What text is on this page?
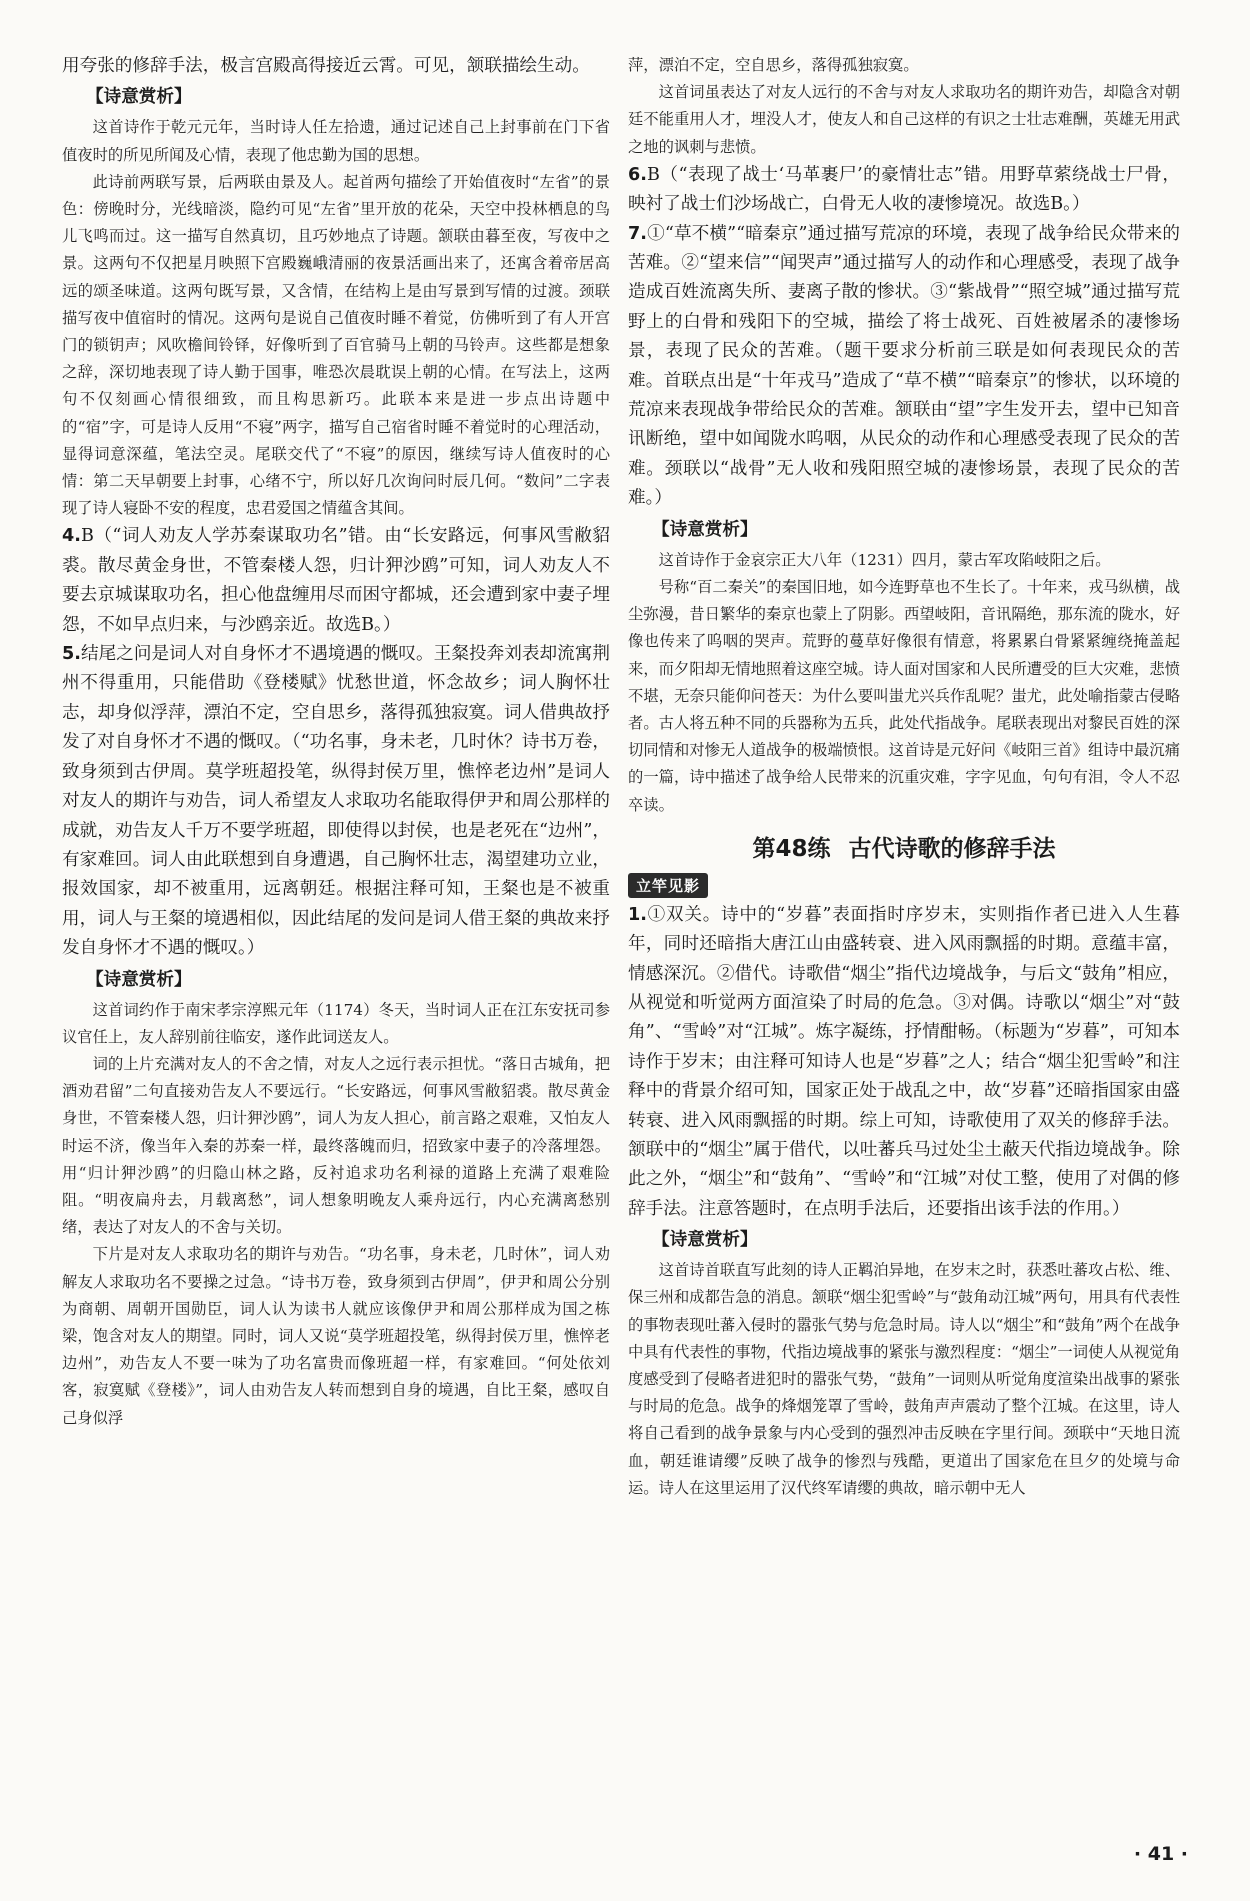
用夸张的修辞手法，极言宫殿高得接近云霄。可见，颔联描绘生动。

【诗意赏析】

这首诗作于乾元元年，当时诗人任左拾遗，通过记述自己上封事前在门下省值夜时的所见所闻及心情，表现了他忠勤为国的思想。

此诗前两联写景，后两联由景及人。起首两句描绘了开始值夜时“左省”的景色：傍晚时分，光线暗淡，隐约可见“左省”里开放的花朵，天空中投林栖息的鸟儿飞鸣而过。这一描写自然真切，且巧妙地点了诗题。颔联由暮至夜，写夜中之景。这两句不仅把星月映照下宫殿巍峨清丽的夜景活画出来了，还寓含着帝居高远的颂圣味道。这两句既写景，又含情，在结构上是由写景到写情的过渡。颈联描写夜中值宿时的情况。这两句是说自己值夜时睡不着觉，仿佛听到了有人开宫门的锁钥声；风吹檐间铃铎，好像听到了百官骑马上朝的马铃声。这些都是想象之辞，深切地表现了诗人勤于国事，唯恐次晨耽误上朝的心情。在写法上，这两句不仅刻画心情很细致，而且构思新巧。此联本来是进一步点出诗题中的“宿”字，可是诗人反用“不寝”两字，描写自己宿省时睡不着觉时的心理活动，显得词意深蕴，笔法空灵。尾联交代了“不寝”的原因，继续写诗人值夜时的心情：第二天早朝要上封事，心绪不宁，所以好几次询问时辰几何。“数问”二字表现了诗人寝卧不安的程度，忠君爱国之情蕴含其间。

4.B（“词人劝友人学苏秦谋取功名”错。由“长安路远，何事风雪敝貂裘。散尽黄金身世，不管秦楼人怨，归计狎沙鸥”可知，词人劝友人不要去京城谋取功名，担心他盘缠用尽而困守都城，还会遭到家中妻子埋怨，不如早点归来，与沙鸥亲近。故选B。）

5.结尾之问是词人对自身怀才不遇境遇的慨叹。王粲投奔刘表却流寓荆州不得重用，只能借助《登楼赋》忧愁世道，怀念故乡；词人胸怀壮志，却身似浮萍，漂泊不定，空自思乡，落得孤独寂寞。词人借典故抒发了对自身怀才不遇的慨叹。（“功名事，身未老，几时休？诗书万卷，致身须到古伊周。莫学班超投笔，纵得封侯万里，憔悴老边州”是词人对友人的期许与劝告，词人希望友人求取功名能取得伊尹和周公那样的成就，劝告友人千万不要学班超，即使得以封侯，也是老死在“边州”，有家难回。词人由此联想到自身遭遇，自己胸怀壮志，渴望建功立业，报效国家，却不被重用，远离朝廷。根据注释可知，王粲也是不被重用，词人与王粲的境遇相似，因此结尾的发问是词人借王粲的典故来抒发自身怀才不遇的慨叹。）

【诗意赏析】

这首词约作于南宋孝宗淳熙元年（1174）冬天，当时词人正在江东安抚司参议官任上，友人辞别前往临安，遂作此词送友人。

词的上片充满对友人的不舍之情，对友人之远行表示担忧。“落日古城角，把酒劝君留”二句直接劝告友人不要远行。“长安路远，何事风雪敝貂裘。散尽黄金身世，不管秦楼人怨，归计狎沙鸥”，词人为友人担心，前言路之艰难，又怕友人时运不济，像当年入秦的苏秦一样，最终落魄而归，招致家中妻子的冷落埋怨。用“归计狎沙鸥”的归隐山林之路，反衬追求功名利禄的道路上充满了艰难险阻。“明夜扁舟去，月载离愁”，词人想象明晚友人乘舟远行，内心充满离愁别绪，表达了对友人的不舍与关切。

下片是对友人求取功名的期许与劝告。“功名事，身未老，几时休”，词人劝解友人求取功名不要操之过急。“诗书万卷，致身须到古伊周”，伊尹和周公分别为商朝、周朝开国勋臣，词人认为读书人就应该像伊尹和周公那样成为国之栋梁，饱含对友人的期望。同时，词人又说“莫学班超投笔，纵得封侯万里，憔悴老边州”，劝告友人不要一味为了功名富贵而像班超一样，有家难回。“何处依刘客，寂寞赋《登楼》”，词人由劝告友人转而想到自身的境遇，自比王粲，感叹自己身似浮

萍，漂泊不定，空自思乡，落得孤独寂寞。

这首词虽表达了对友人远行的不舍与对友人求取功名的期许劝告，却隐含对朝廷不能重用人才，埋没人才，使友人和自己这样的有识之士壮志难酬，英雄无用武之地的讽刺与悲愤。

6.B（“表现了战士‘马革裹尸’的豪情壮志”错。用野草萦绕战士尸骨，映衬了战士们沙场战亡，白骨无人收的凄惨境况。故选B。）

7.①“草不横”“暗秦京”通过描写荒凉的环境，表现了战争给民众带来的苦难。②“望来信”“闻哭声”通过描写人的动作和心理感受，表现了战争造成百姓流离失所、妻离子散的惨状。③“紫战骨”“照空城”通过描写荒野上的白骨和残阳下的空城，描绘了将士战死、百姓被屠杀的凄惨场景，表现了民众的苦难。（题干要求分析前三联是如何表现民众的苦难。首联点出是“十年戎马”造成了“草不横”“暗秦京”的惨状，以环境的荒凉来表现战争带给民众的苦难。颔联由“望”字生发开去，望中已知音讯断绝，望中如闻陇水呜咽，从民众的动作和心理感受表现了民众的苦难。颈联以“战骨”无人收和残阳照空城的凄惨场景，表现了民众的苦难。）

【诗意赏析】

这首诗作于金哀宗正大八年（1231）四月，蒙古军攻陷岐阳之后。

号称“百二秦关”的秦国旧地，如今连野草也不生长了。十年来，戎马纵横，战尘弥漫，昔日繁华的秦京也蒙上了阴影。西望岐阳，音讯隔绝，那东流的陇水，好像也传来了呜咽的哭声。荒野的蔓草好像很有情意，将累累白骨紧紧缠绕掩盖起来，而夕阳却无情地照着这座空城。诗人面对国家和人民所遭受的巨大灾难，悲愤不堪，无奈只能仰问苍天：为什么要叫蚩尤兴兵作乱呢？蚩尤，此处喻指蒙古侵略者。古人将五种不同的兵器称为五兵，此处代指战争。尾联表现出对黎民百姓的深切同情和对惨无人道战争的极端愤恨。这首诗是元好问《岐阳三首》组诗中最沉痛的一篇，诗中描述了战争给人民带来的沉重灾难，字字见血，句句有泪，令人不忍卒读。

第48练 古代诗歌的修辞手法
立竿见影

1.①双关。诗中的“岁暮”表面指时序岁末，实则指作者已进入人生暮年，同时还暗指大唐江山由盛转衰、进入风雨飘摇的时期。意蕴丰富，情感深沉。②借代。诗歌借“烟尘”指代边境战争，与后文“鼓角”相应，从视觉和听觉两方面渲染了时局的危急。③对偶。诗歌以“烟尘”对“鼓角”、“雪岭”对“江城”。炼字凝练，抒情酣畅。（标题为“岁暮”，可知本诗作于岁末；由注释可知诗人也是“岁暮”之人；结合“烟尘犯雪岭”和注释中的背景介绍可知，国家正处于战乱之中，故“岁暮”还暗指国家由盛转衰、进入风雨飘摇的时期。综上可知，诗歌使用了双关的修辞手法。颔联中的“烟尘”属于借代，以吐蕃兵马过处尘土蔽天代指边境战争。除此之外，“烟尘”和“鼓角”、“雪岭”和“江城”对仗工整，使用了对偶的修辞手法。注意答题时，在点明手法后，还要指出该手法的作用。）

【诗意赏析】

这首诗首联直写此刻的诗人正羁泊异地，在岁末之时，获悉吐蕃攻占松、维、保三州和成都告急的消息。颔联“烟尘犯雪岭”与“鼓角动江城”两句，用具有代表性的事物表现吐蕃入侵时的嚣张气势与危急时局。诗人以“烟尘”和“鼓角”两个在战争中具有代表性的事物，代指边境战事的紧张与激烈程度：“烟尘”一词使人从视觉角度感受到了侵略者进犯时的嚣张气势，“鼓角”一词则从听觉角度渲染出战事的紧张与时局的危急。战争的烽烟笼罩了雪岭，鼓角声声震动了整个江城。在这里，诗人将自己看到的战争景象与内心受到的强烈冲击反映在字里行间。颈联中“天地日流血，朝廷谁请缨”反映了战争的惨烈与残酷，更道出了国家危在旦夕的处境与命运。诗人在这里运用了汉代终军请缨的典故，暗示朝中无人

· 41 ·
